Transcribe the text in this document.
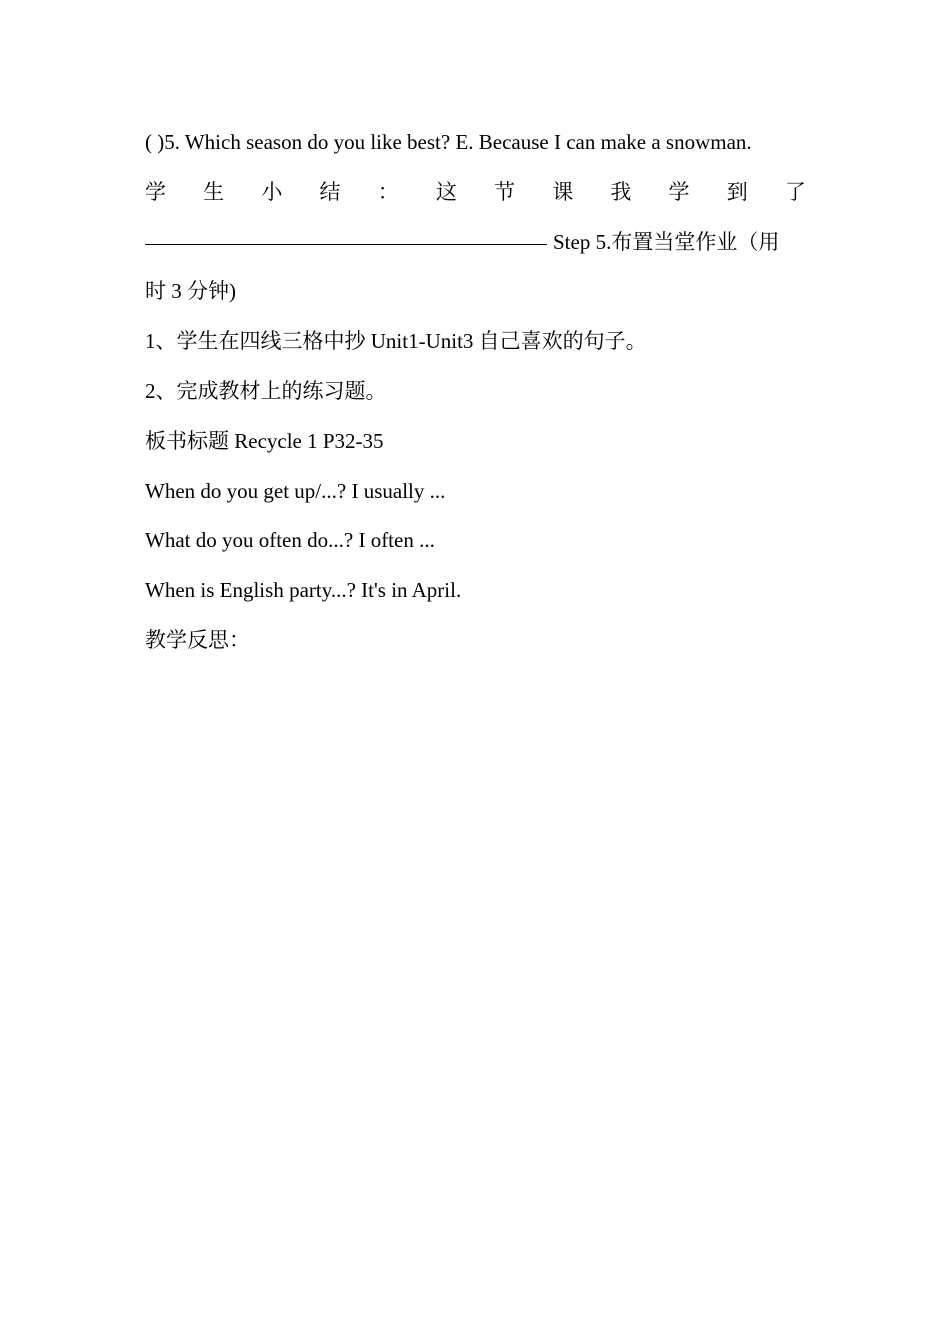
( )5. Which season do you like best? E. Because I can make a snowman.
学 生 小 结 ： 这 节 课 我 学 到 了
Step 5.布置当堂作业（用
时 3 分钟)
1、学生在四线三格中抄 Unit1-Unit3 自己喜欢的句子。
2、完成教材上的练习题。
板书标题 Recycle 1 P32-35
When do you get up/...? I usually ...
What do you often do...? I often ...
When is English party...? It's in April.
教学反思：
